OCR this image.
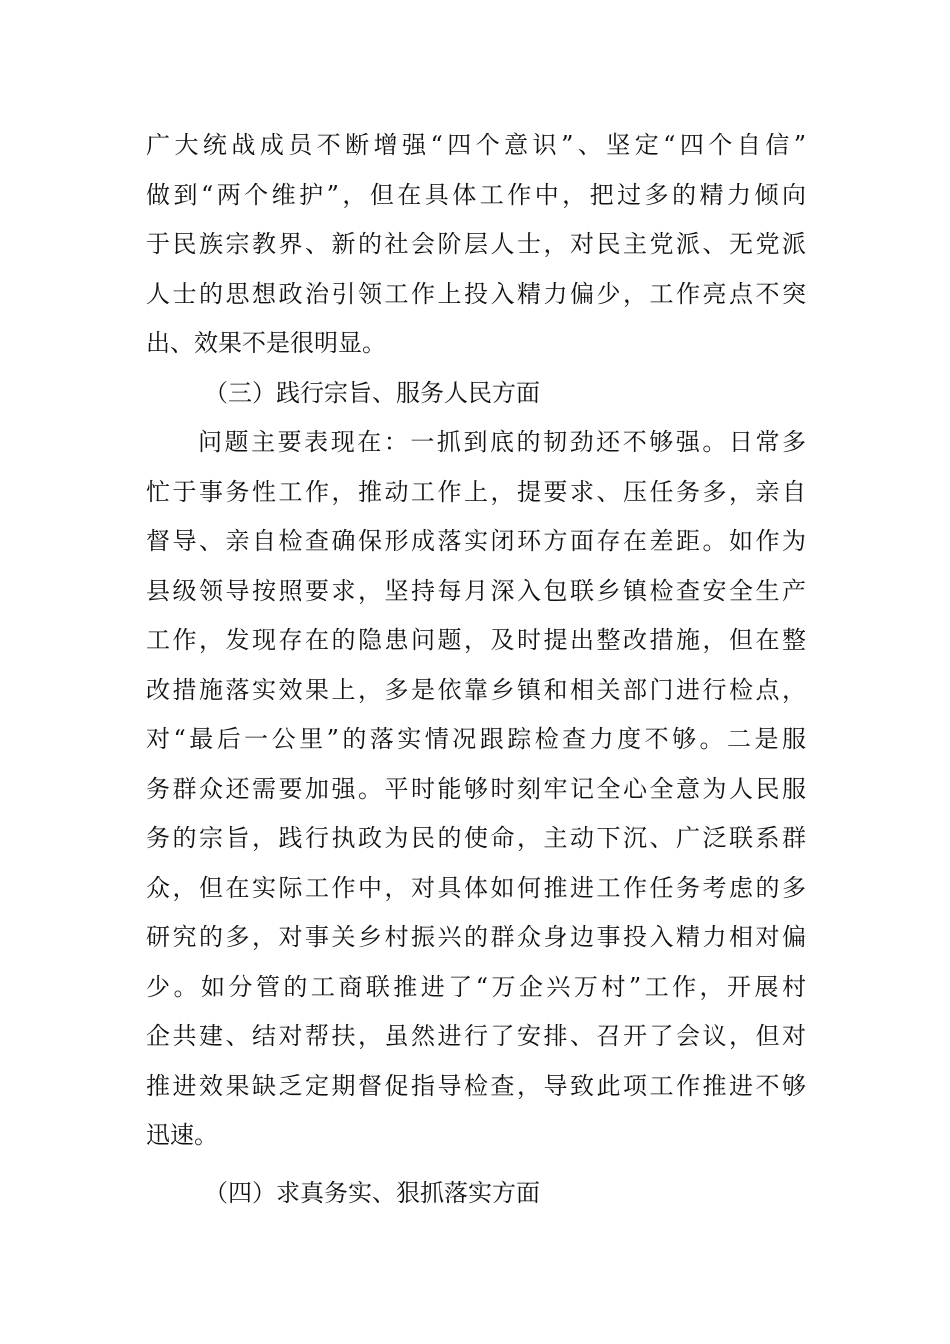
广大统战成员不断增强“四个意识”、坚定“四个自信”
做到“两个维护”，但在具体工作中，把过多的精力倾向
于民族宗教界、新的社会阶层人士，对民主党派、无党派
人士的思想政治引领工作上投入精力偏少，工作亮点不突
出、效果不是很明显。
（三）践行宗旨、服务人民方面
问题主要表现在：一抓到底的韧劲还不够强。日常多
忙于事务性工作，推动工作上，提要求、压任务多，亲自
督导、亲自检查确保形成落实闭环方面存在差距。如作为
县级领导按照要求，坚持每月深入包联乡镇检查安全生产
工作，发现存在的隐患问题，及时提出整改措施，但在整
改措施落实效果上，多是依靠乡镇和相关部门进行检点，
对“最后一公里”的落实情况跟踪检查力度不够。二是服
务群众还需要加强。平时能够时刻牢记全心全意为人民服
务的宗旨，践行执政为民的使命，主动下沉、广泛联系群
众，但在实际工作中，对具体如何推进工作任务考虑的多
研究的多，对事关乡村振兴的群众身边事投入精力相对偏
少。如分管的工商联推进了“万企兴万村”工作，开展村
企共建、结对帮扶，虽然进行了安排、召开了会议，但对
推进效果缺乏定期督促指导检查，导致此项工作推进不够
迅速。
（四）求真务实、狠抓落实方面
